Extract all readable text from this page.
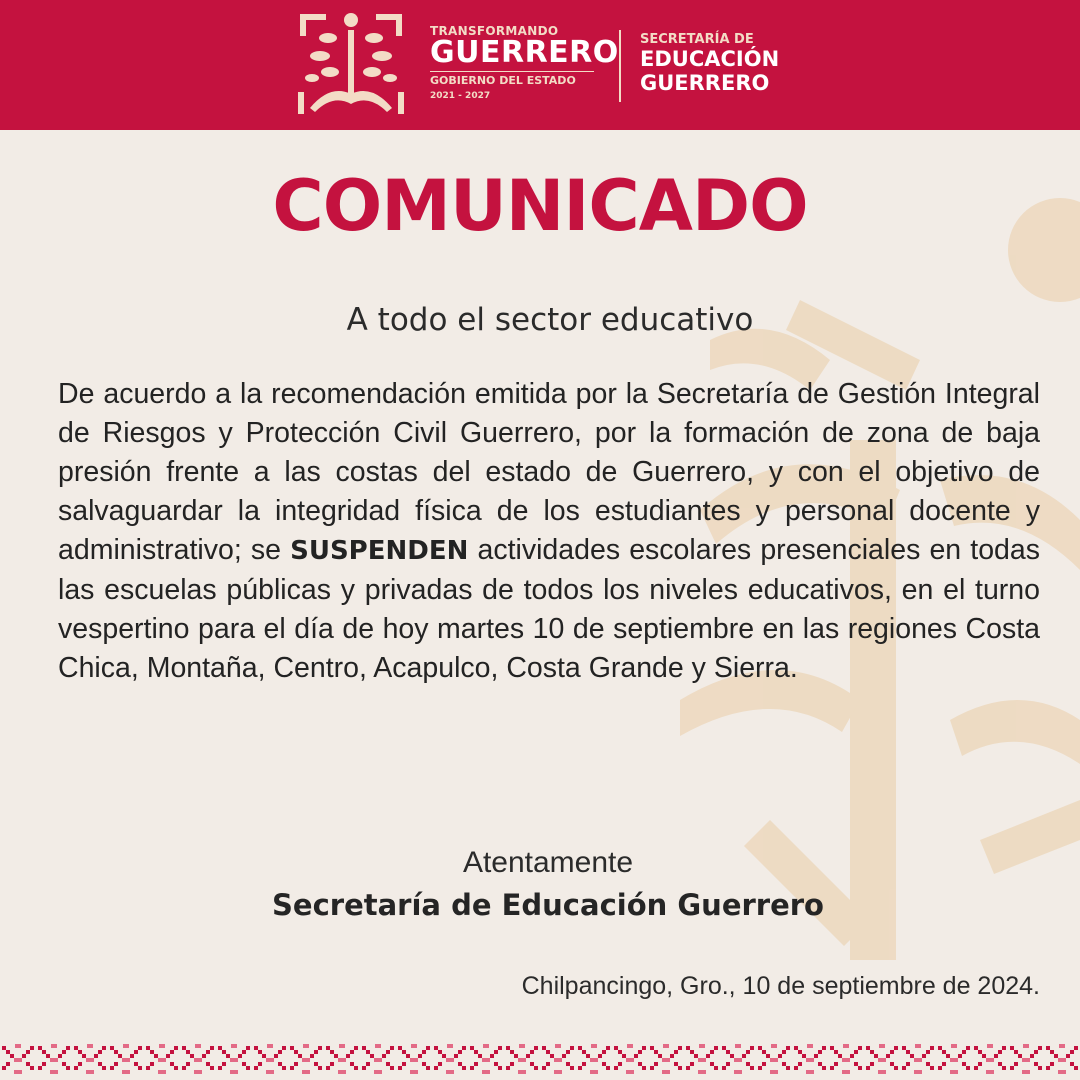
TRANSFORMANDO
GUERRERO
GOBIERNO DEL ESTADO
2021 - 2027
SECRETARÍA DE
EDUCACIÓN
GUERRERO
COMUNICADO
A todo el sector educativo
De acuerdo a la recomendación emitida por la Secretaría de Gestión Integral de Riesgos y Protección Civil Guerrero, por la formación de zona de baja presión frente a las costas del estado de Guerrero, y con el objetivo de salvaguardar la integridad física de los estudiantes y personal docente y administrativo; se SUSPENDEN actividades escolares presenciales en todas las escuelas públicas y privadas de todos los niveles educativos, en el turno vespertino para el día de hoy martes 10 de septiembre en las regiones Costa Chica, Montaña, Centro, Acapulco, Costa Grande y Sierra.
Atentamente
Secretaría de Educación Guerrero
Chilpancingo, Gro., 10 de septiembre de 2024.
